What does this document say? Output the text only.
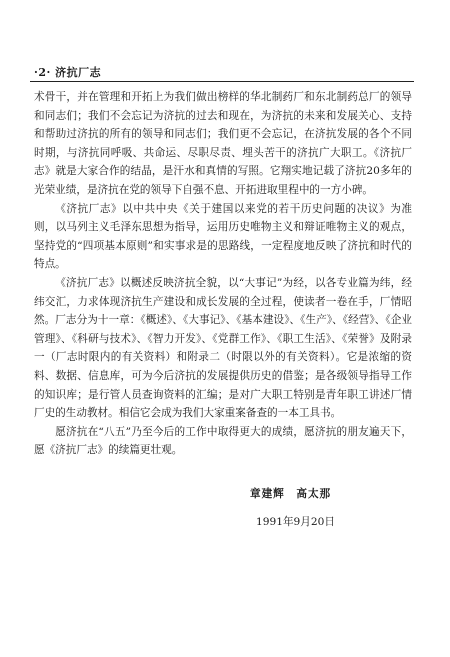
·2· 济抗厂志

术骨干，并在管理和开拓上为我们做出榜样的华北制药厂和东北制药总厂的领导和同志们；我们不会忘记为济抗的过去和现在，为济抗的未来和发展关心、支持和帮助过济抗的所有的领导和同志们；我们更不会忘记，在济抗发展的各个不同时期，与济抗同呼吸、共命运、尽职尽责、埋头苦干的济抗广大职工。《济抗厂志》就是大家合作的结晶，是汗水和真情的写照。它翔实地记载了济抗20多年的光荣业绩，是济抗在党的领导下自强不息、开拓进取里程中的一方小碑。

《济抗厂志》以中共中央《关于建国以来党的若干历史问题的决议》为准则，以马列主义毛泽东思想为指导，运用历史唯物主义和辩证唯物主义的观点，坚持党的“四项基本原则”和实事求是的思路线，一定程度地反映了济抗和时代的特点。

《济抗厂志》以概述反映济抗全貌，以“大事记”为经，以各专业篇为纬，经纬交汇，力求体现济抗生产建设和成长发展的全过程，使读者一卷在手，厂情昭然。厂志分为十一章：《概述》、《大事记》、《基本建设》、《生产》、《经营》、《企业管理》、《科研与技术》、《智力开发》、《党群工作》、《职工生活》、《荣誉》及附录一（厂志时限内的有关资料）和附录二（时限以外的有关资料）。它是浓缩的资料、数据、信息库，可为今后济抗的发展提供历史的借鉴；是各级领导指导工作的知识库；是行管人员查询资料的汇编；是对广大职工特别是青年职工讲述厂情厂史的生动教材。相信它会成为我们大家重案备查的一本工具书。

愿济抗在“八五”乃至今后的工作中取得更大的成绩，愿济抗的朋友遍天下，愿《济抗厂志》的续篇更壮观。

章建辉　高太那
1991年9月20日
